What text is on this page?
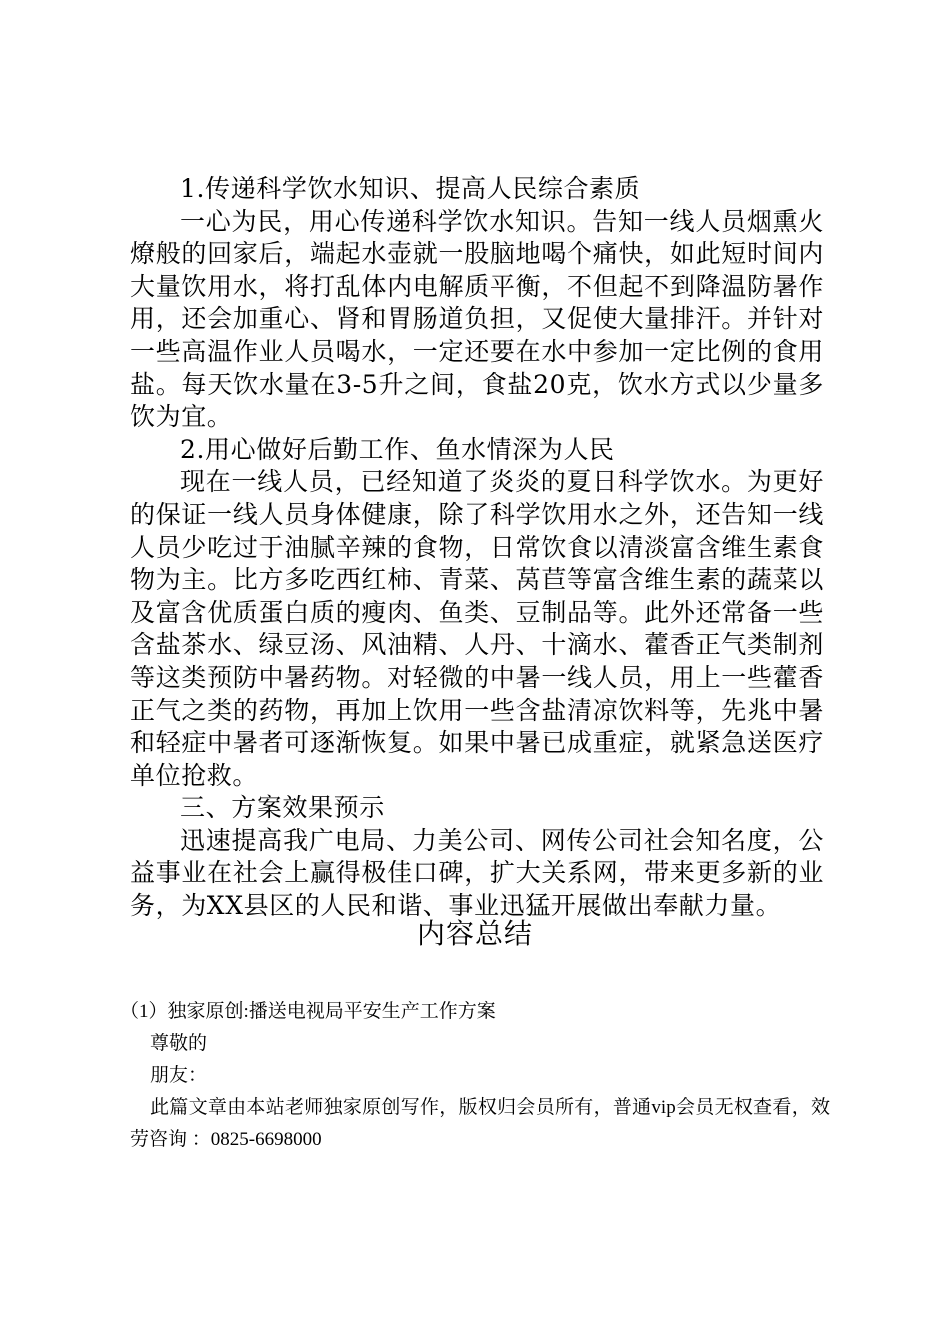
1.传递科学饮水知识、提高人民综合素质

一心为民，用心传递科学饮水知识。告知一线人员烟熏火燎般的回家后，端起水壶就一股脑地喝个痛快，如此短时间内大量饮用水，将打乱体内电解质平衡，不但起不到降温防暑作用，还会加重心、肾和胃肠道负担，又促使大量排汗。并针对一些高温作业人员喝水，一定还要在水中参加一定比例的食用盐。每天饮水量在3-5升之间，食盐20克，饮水方式以少量多饮为宜。

2.用心做好后勤工作、鱼水情深为人民

现在一线人员，已经知道了炎炎的夏日科学饮水。为更好的保证一线人员身体健康，除了科学饮用水之外，还告知一线人员少吃过于油腻辛辣的食物，日常饮食以清淡富含维生素食物为主。比方多吃西红柿、青菜、莴苣等富含维生素的蔬菜以及富含优质蛋白质的瘦肉、鱼类、豆制品等。此外还常备一些含盐茶水、绿豆汤、风油精、人丹、十滴水、藿香正气类制剂等这类预防中暑药物。对轻微的中暑一线人员，用上一些藿香正气之类的药物，再加上饮用一些含盐清凉饮料等，先兆中暑和轻症中暑者可逐渐恢复。如果中暑已成重症，就紧急送医疗单位抢救。

三、方案效果预示

迅速提高我广电局、力美公司、网传公司社会知名度，公益事业在社会上赢得极佳口碑，扩大关系网，带来更多新的业务，为XX县区的人民和谐、事业迅猛开展做出奉献力量。

内容总结

（1）独家原创:播送电视局平安生产工作方案

尊敬的

朋友：

此篇文章由本站老师独家原创写作，版权归会员所有，普通vip会员无权查看，效劳咨询 ：0825-6698000
